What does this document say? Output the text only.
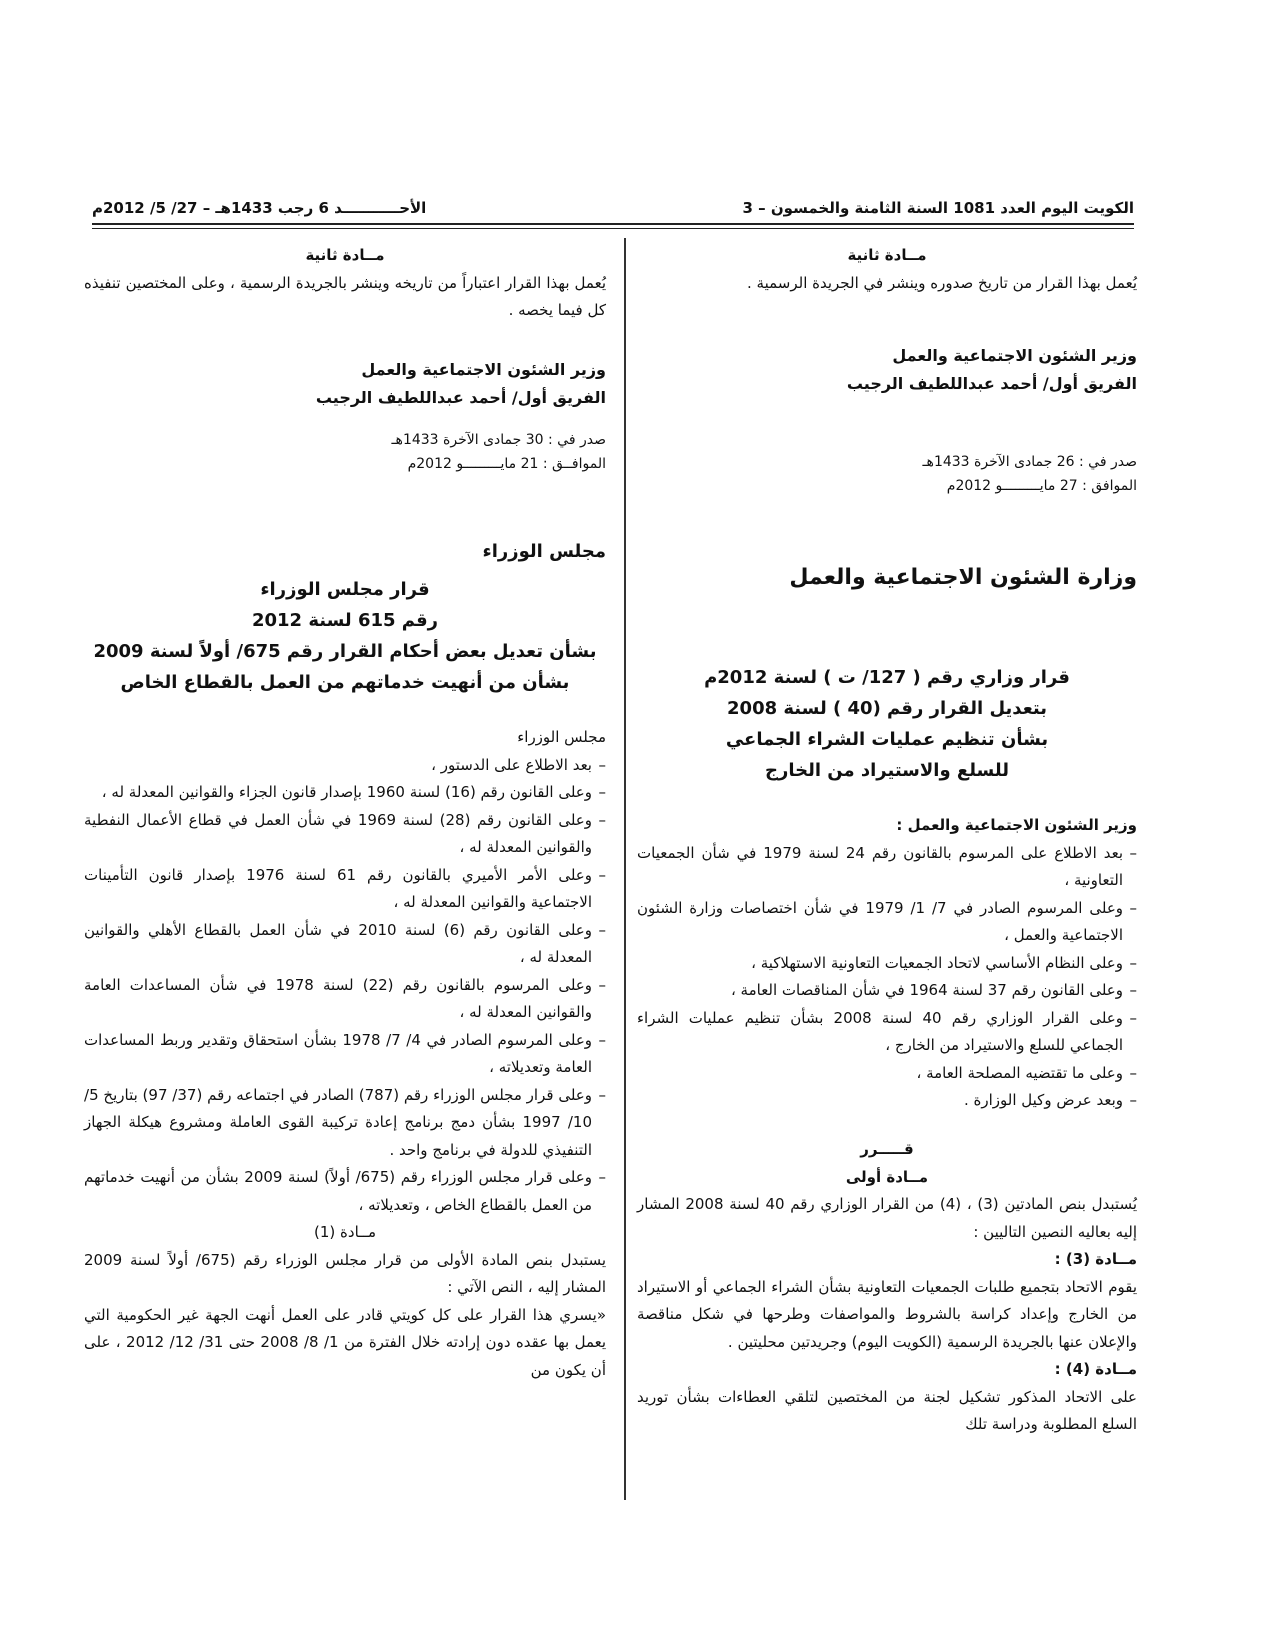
الكويت اليوم العدد 1081 السنة الثامنة والخمسون – 3
الأحـــــــــــد 6 رجب 1433هـ – 27/ 5/ 2012م

مــادة ثانية

يُعمل بهذا القرار من تاريخ صدوره وينشر في الجريدة الرسمية .

وزير الشئون الاجتماعية والعمل

الفريق أول/ أحمد عبداللطيف الرجيب

صدر في : 26 جمادى الآخرة 1433هـ

الموافق : 27 مايـــــــــو 2012م

وزارة الشئون الاجتماعية والعمل

قرار وزاري رقم ( 127/ ت ) لسنة 2012م

بتعديل القرار رقم (40 ) لسنة 2008

بشأن تنظيم عمليات الشراء الجماعي

للسلع والاستيراد من الخارج

وزير الشئون الاجتماعية والعمل :

– بعد الاطلاع على المرسوم بالقانون رقم 24 لسنة 1979 في شأن الجمعيات التعاونية ،
– وعلى المرسوم الصادر في 7/ 1/ 1979 في شأن اختصاصات وزارة الشئون الاجتماعية والعمل ،
– وعلى النظام الأساسي لاتحاد الجمعيات التعاونية الاستهلاكية ،
– وعلى القانون رقم 37 لسنة 1964 في شأن المناقصات العامة ،
– وعلى القرار الوزاري رقم 40 لسنة 2008 بشأن تنظيم عمليات الشراء الجماعي للسلع والاستيراد من الخارج ،
– وعلى ما تقتضيه المصلحة العامة ،
– وبعد عرض وكيل الوزارة .

قـــــرر

مــادة أولى

يُستبدل بنص المادتين (3) ، (4) من القرار الوزاري رقم 40 لسنة 2008 المشار إليه بعاليه النصين التاليين :

مــادة (3) :

يقوم الاتحاد بتجميع طلبات الجمعيات التعاونية بشأن الشراء الجماعي أو الاستيراد من الخارج وإعداد كراسة بالشروط والمواصفات وطرحها في شكل مناقصة والإعلان عنها بالجريدة الرسمية (الكويت اليوم) وجريدتين محليتين .

مــادة (4) :

على الاتحاد المذكور تشكيل لجنة من المختصين لتلقي العطاءات بشأن توريد السلع المطلوبة ودراسة تلك

مــادة ثانية

يُعمل بهذا القرار اعتباراً من تاريخه وينشر بالجريدة الرسمية ، وعلى المختصين تنفيذه كل فيما يخصه .

وزير الشئون الاجتماعية والعمل

الفريق أول/ أحمد عبداللطيف الرجيب

صدر في : 30 جمادى الآخرة 1433هـ

الموافــق : 21 مايـــــــــو 2012م

مجلس الوزراء

قرار مجلس الوزراء

رقم 615 لسنة 2012

بشأن تعديل بعض أحكام القرار رقم 675/ أولاً لسنة 2009

بشأن من أنهيت خدماتهم من العمل بالقطاع الخاص

مجلس الوزراء

– بعد الاطلاع على الدستور ،
– وعلى القانون رقم (16) لسنة 1960 بإصدار قانون الجزاء والقوانين المعدلة له ،
– وعلى القانون رقم (28) لسنة 1969 في شأن العمل في قطاع الأعمال النفطية والقوانين المعدلة له ،
– وعلى الأمر الأميري بالقانون رقم 61 لسنة 1976 بإصدار قانون التأمينات الاجتماعية والقوانين المعدلة له ،
– وعلى القانون رقم (6) لسنة 2010 في شأن العمل بالقطاع الأهلي والقوانين المعدلة له ،
– وعلى المرسوم بالقانون رقم (22) لسنة 1978 في شأن المساعدات العامة والقوانين المعدلة له ،
– وعلى المرسوم الصادر في 4/ 7/ 1978 بشأن استحقاق وتقدير وربط المساعدات العامة وتعديلاته ،
– وعلى قرار مجلس الوزراء رقم (787) الصادر في اجتماعه رقم (37/ 97) بتاريخ 5/ 10/ 1997 بشأن دمج برنامج إعادة تركيبة القوى العاملة ومشروع هيكلة الجهاز التنفيذي للدولة في برنامج واحد .
– وعلى قرار مجلس الوزراء رقم (675/ أولاً) لسنة 2009 بشأن من أنهيت خدماتهم من العمل بالقطاع الخاص ، وتعديلاته ،

مــادة (1)

يستبدل بنص المادة الأولى من قرار مجلس الوزراء رقم (675/ أولاً لسنة 2009 المشار إليه ، النص الآتي :

«يسري هذا القرار على كل كويتي قادر على العمل أنهت الجهة غير الحكومية التي يعمل بها عقده دون إرادته خلال الفترة من 1/ 8/ 2008 حتى 31/ 12/ 2012 ، على أن يكون من
